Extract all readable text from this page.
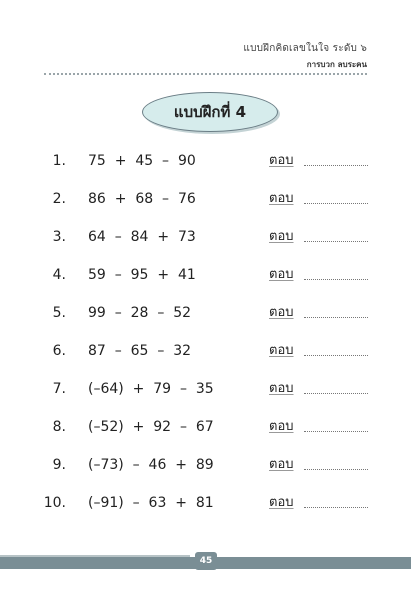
แบบฝึกคิดเลขในใจ ระดับ ๖
การบวก ลบระคน
แบบฝึกที่ 4
1. 75  +  45  –  90	ตอบ
2. 86  +  68  –  76	ตอบ
3. 64  –  84  +  73	ตอบ
4. 59  –  95  +  41	ตอบ
5. 99  –  28  –  52	ตอบ
6. 87  –  65  –  32	ตอบ
7. (–64)  +  79  –  35	ตอบ
8. (–52)  +  92  –  67	ตอบ
9. (–73)  –  46  +  89	ตอบ
10. (–91)  –  63  +  81	ตอบ
45
